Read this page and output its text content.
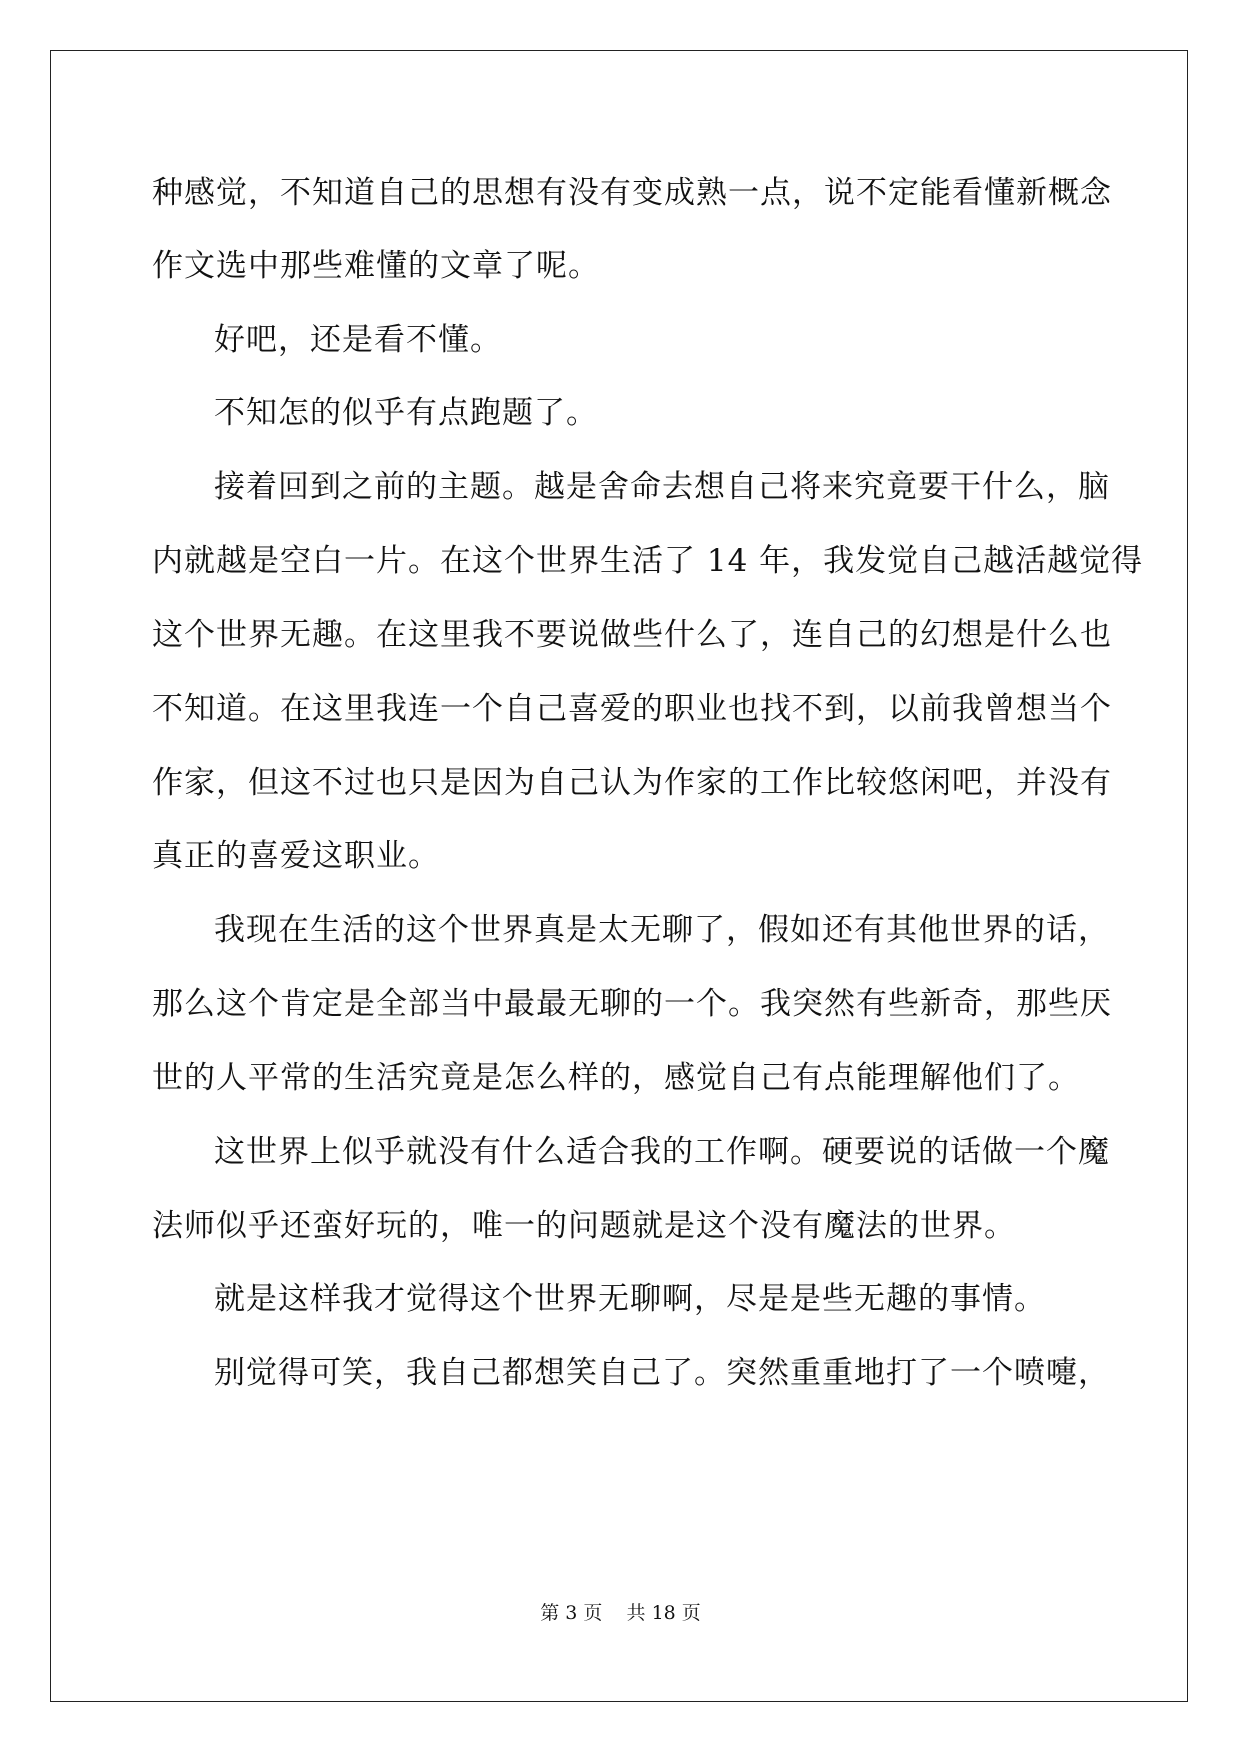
种感觉，不知道自己的思想有没有变成熟一点，说不定能看懂新概念
作文选中那些难懂的文章了呢。
好吧，还是看不懂。
不知怎的似乎有点跑题了。
接着回到之前的主题。越是舍命去想自己将来究竟要干什么，脑
内就越是空白一片。在这个世界生活了 14 年，我发觉自己越活越觉得
这个世界无趣。在这里我不要说做些什么了，连自己的幻想是什么也
不知道。在这里我连一个自己喜爱的职业也找不到，以前我曾想当个
作家，但这不过也只是因为自己认为作家的工作比较悠闲吧，并没有
真正的喜爱这职业。
我现在生活的这个世界真是太无聊了，假如还有其他世界的话，
那么这个肯定是全部当中最最无聊的一个。我突然有些新奇，那些厌
世的人平常的生活究竟是怎么样的，感觉自己有点能理解他们了。
这世界上似乎就没有什么适合我的工作啊。硬要说的话做一个魔
法师似乎还蛮好玩的，唯一的问题就是这个没有魔法的世界。
就是这样我才觉得这个世界无聊啊，尽是是些无趣的事情。
别觉得可笑，我自己都想笑自己了。突然重重地打了一个喷嚏，
第 3 页    共 18 页
